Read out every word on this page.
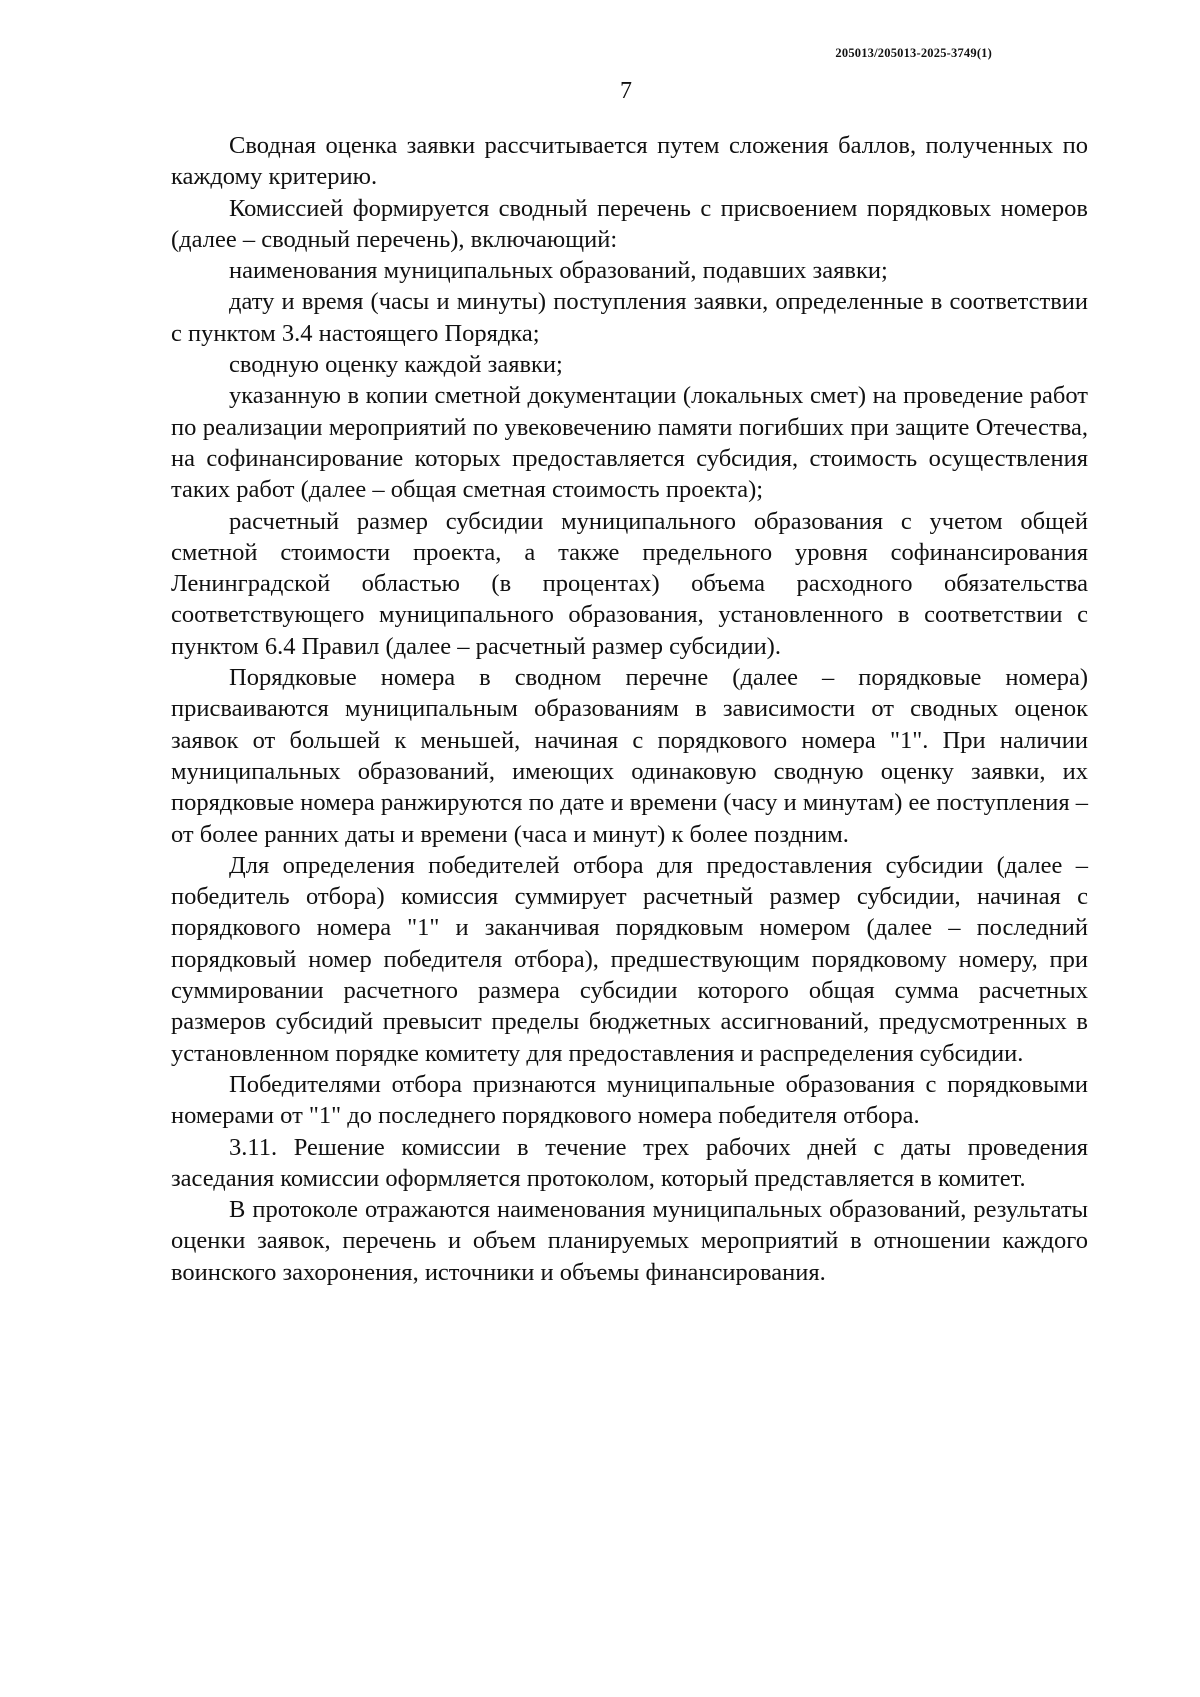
205013/205013-2025-3749(1)
7

Сводная оценка заявки рассчитывается путем сложения баллов, полученных по каждому критерию.

Комиссией формируется сводный перечень с присвоением порядковых номеров (далее – сводный перечень), включающий:

наименования муниципальных образований, подавших заявки;

дату и время (часы и минуты) поступления заявки, определенные в соответствии с пунктом 3.4 настоящего Порядка;

сводную оценку каждой заявки;

указанную в копии сметной документации (локальных смет) на проведение работ по реализации мероприятий по увековечению памяти погибших при защите Отечества, на софинансирование которых предоставляется субсидия, стоимость осуществления таких работ (далее – общая сметная стоимость проекта);

расчетный размер субсидии муниципального образования с учетом общей сметной стоимости проекта, а также предельного уровня софинансирования Ленинградской областью (в процентах) объема расходного обязательства соответствующего муниципального образования, установленного в соответствии с пунктом 6.4 Правил (далее – расчетный размер субсидии).

Порядковые номера в сводном перечне (далее – порядковые номера) присваиваются муниципальным образованиям в зависимости от сводных оценок заявок от большей к меньшей, начиная с порядкового номера "1". При наличии муниципальных образований, имеющих одинаковую сводную оценку заявки, их порядковые номера ранжируются по дате и времени (часу и минутам) ее поступления – от более ранних даты и времени (часа и минут) к более поздним.

Для определения победителей отбора для предоставления субсидии (далее – победитель отбора) комиссия суммирует расчетный размер субсидии, начиная с порядкового номера "1" и заканчивая порядковым номером (далее – последний порядковый номер победителя отбора), предшествующим порядковому номеру, при суммировании расчетного размера субсидии которого общая сумма расчетных размеров субсидий превысит пределы бюджетных ассигнований, предусмотренных в установленном порядке комитету для предоставления и распределения субсидии.

Победителями отбора признаются муниципальные образования с порядковыми номерами от "1" до последнего порядкового номера победителя отбора.

3.11. Решение комиссии в течение трех рабочих дней с даты проведения заседания комиссии оформляется протоколом, который представляется в комитет.

В протоколе отражаются наименования муниципальных образований, результаты оценки заявок, перечень и объем планируемых мероприятий в отношении каждого воинского захоронения, источники и объемы финансирования.
